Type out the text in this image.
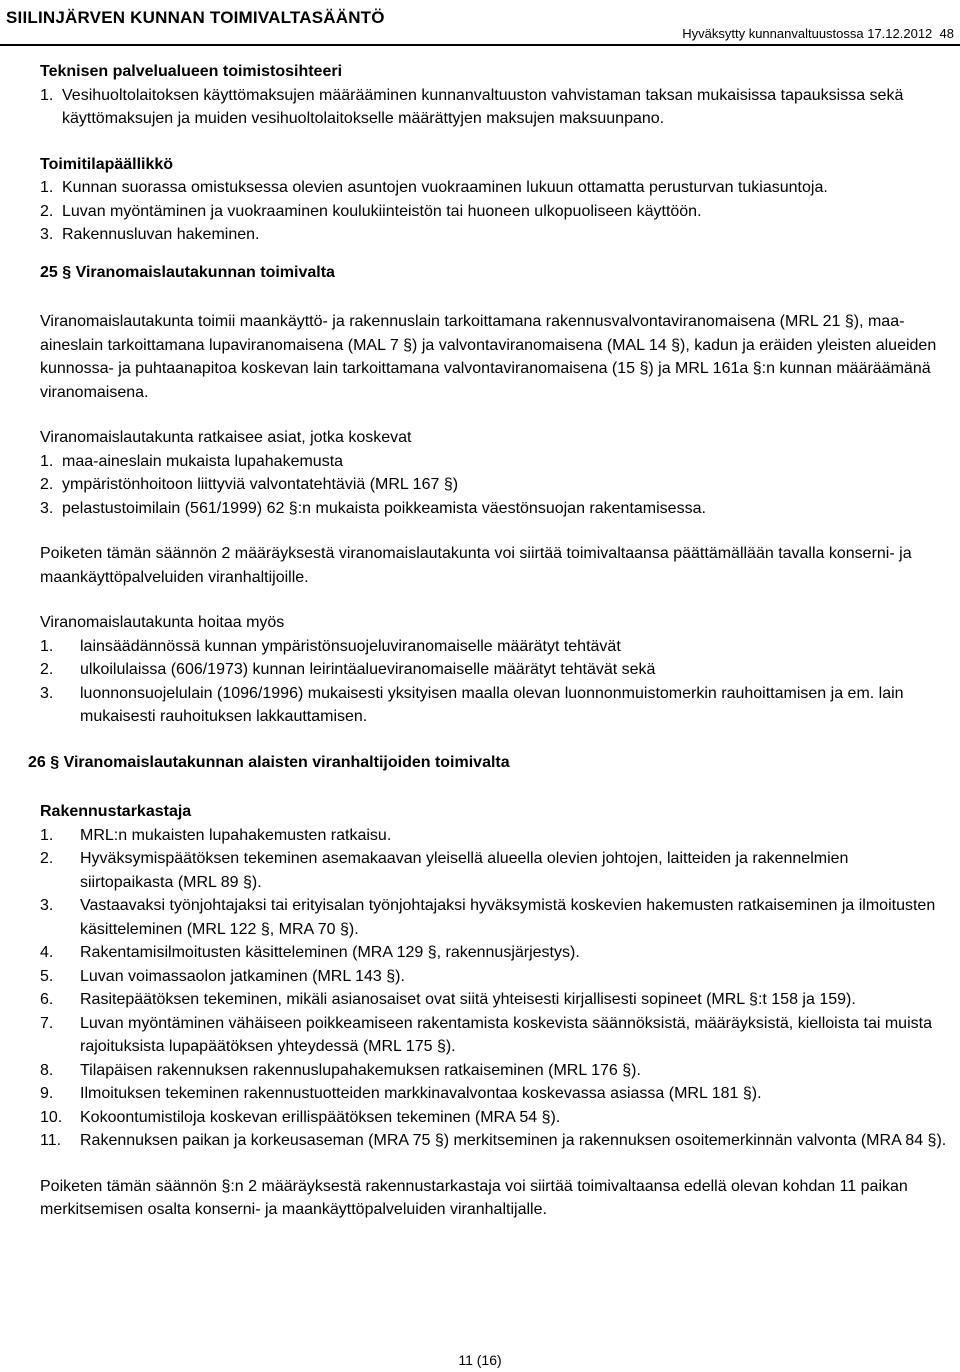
SIILINJÄRVEN KUNNAN TOIMIVALTASÄÄNTÖ
Hyväksytty kunnanvaltuustossa 17.12.2012 48

Teknisen palvelualueen toimistosihteeri

1. Vesihuoltolaitoksen käyttömaksujen määrääminen kunnanvaltuuston vahvistaman taksan mukaisissa tapauksissa sekä käyttömaksujen ja muiden vesihuoltolaitokselle määrättyjen maksujen maksuunpano.

Toimitilapäällikkö

1. Kunnan suorassa omistuksessa olevien asuntojen vuokraaminen lukuun ottamatta perusturvan tukiasuntoja.
2. Luvan myöntäminen ja vuokraaminen koulukiinteistön tai huoneen ulkopuoliseen käyttöön.
3. Rakennusluvan hakeminen.

25 § Viranomaislautakunnan toimivalta

Viranomaislautakunta toimii maankäyttö- ja rakennuslain tarkoittamana rakennusvalvontaviranomaisena (MRL 21 §), maa-aineslain tarkoittamana lupaviranomaisena (MAL 7 §) ja valvontaviranomaisena (MAL 14 §), kadun ja eräiden yleisten alueiden kunnossa- ja puhtaanapitoa koskevan lain tarkoittamana valvontaviranomaisena (15 §) ja MRL 161a §:n kunnan määräämänä viranomaisena.

Viranomaislautakunta ratkaisee asiat, jotka koskevat

1. maa-aineslain mukaista lupahakemusta
2. ympäristönhoitoon liittyviä valvontatehtäviä (MRL 167 §)
3. pelastustoimilain (561/1999) 62 §:n mukaista poikkeamista väestönsuojan rakentamisessa.

Poiketen tämän säännön 2 määräyksestä viranomaislautakunta voi siirtää toimivaltaansa päättämällään tavalla konserni- ja maankäyttöpalveluiden viranhaltijoille.

Viranomaislautakunta hoitaa myös

1. lainsäädännössä kunnan ympäristönsuojeluviranomaiselle määrätyt tehtävät
2. ulkoilulaissa (606/1973) kunnan leirintäalueviranomaiselle määrätyt tehtävät sekä
3. luonnonsuojelulain (1096/1996) mukaisesti yksityisen maalla olevan luonnonmuistomerkin rauhoittamisen ja em. lain mukaisesti rauhoituksen lakkauttamisen.

26 § Viranomaislautakunnan alaisten viranhaltijoiden toimivalta

Rakennustarkastaja

1. MRL:n mukaisten lupahakemusten ratkaisu.
2. Hyväksymispäätöksen tekeminen asemakaavan yleisellä alueella olevien johtojen, laitteiden ja rakennelmien siirtopaikasta (MRL 89 §).
3. Vastaavaksi työnjohtajaksi tai erityisalan työnjohtajaksi hyväksymistä koskevien hakemusten ratkaiseminen ja ilmoitusten käsitteleminen (MRL 122 §, MRA 70 §).
4. Rakentamisilmoitusten käsitteleminen (MRA 129 §, rakennusjärjestys).
5. Luvan voimassaolon jatkaminen (MRL 143 §).
6. Rasitepäätöksen tekeminen, mikäli asianosaiset ovat siitä yhteisesti kirjallisesti sopineet (MRL §:t 158 ja 159).
7. Luvan myöntäminen vähäiseen poikkeamiseen rakentamista koskevista säännöksistä, määräyksistä, kielloista tai muista rajoituksista lupapäätöksen yhteydessä (MRL 175 §).
8. Tilapäisen rakennuksen rakennuslupahakemuksen ratkaiseminen (MRL 176 §).
9. Ilmoituksen tekeminen rakennustuotteiden markkinavalvontaa koskevassa asiassa (MRL 181 §).
10. Kokoontumistiloja koskevan erillispäätöksen tekeminen (MRA 54 §).
11. Rakennuksen paikan ja korkeusaseman (MRA 75 §) merkitseminen ja rakennuksen osoitemerkinnän valvonta (MRA 84 §).

Poiketen tämän säännön §:n 2 määräyksestä rakennustarkastaja voi siirtää toimivaltaansa edellä olevan kohdan 11 paikan merkitsemisen osalta konserni- ja maankäyttöpalveluiden viranhaltijalle.

11 (16)
